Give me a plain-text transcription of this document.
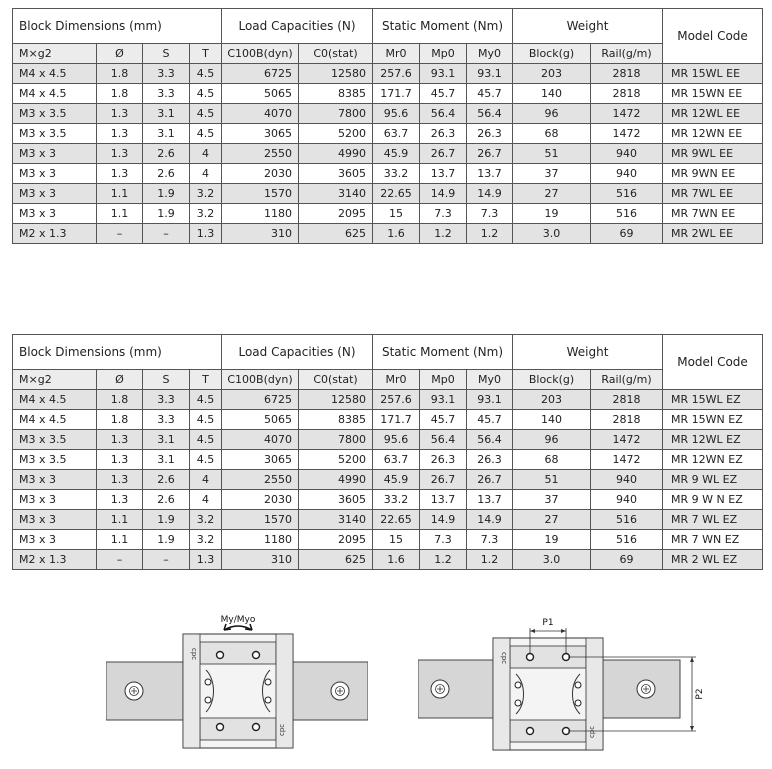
Block Dimensions (mm)				Load Capacities (N)		Static Moment (Nm)			Weight		Model Code
M×g2	Ø	S	T	C100B(dyn)	C0(stat)	Mr0	Mp0	My0	Block(g)	Rail(g/m)	
M4 x 4.5	1.8	3.3	4.5	6725	12580	257.6	93.1	93.1	203	2818	MR 15WL EE
M4 x 4.5	1.8	3.3	4.5	5065	8385	171.7	45.7	45.7	140	2818	MR 15WN EE
M3 x 3.5	1.3	3.1	4.5	4070	7800	95.6	56.4	56.4	96	1472	MR 12WL EE
M3 x 3.5	1.3	3.1	4.5	3065	5200	63.7	26.3	26.3	68	1472	MR 12WN EE
M3 x 3	1.3	2.6	4	2550	4990	45.9	26.7	26.7	51	940	MR 9WL EE
M3 x 3	1.3	2.6	4	2030	3605	33.2	13.7	13.7	37	940	MR 9WN EE
M3 x 3	1.1	1.9	3.2	1570	3140	22.65	14.9	14.9	27	516	MR 7WL EE
M3 x 3	1.1	1.9	3.2	1180	2095	15	7.3	7.3	19	516	MR 7WN EE
M2 x 1.3	–	–	1.3	310	625	1.6	1.2	1.2	3.0	69	MR 2WL EE
Block Dimensions (mm)				Load Capacities (N)		Static Moment (Nm)			Weight		Model Code
M×g2	Ø	S	T	C100B(dyn)	C0(stat)	Mr0	Mp0	My0	Block(g)	Rail(g/m)	
M4 x 4.5	1.8	3.3	4.5	6725	12580	257.6	93.1	93.1	203	2818	MR 15WL EZ
M4 x 4.5	1.8	3.3	4.5	5065	8385	171.7	45.7	45.7	140	2818	MR 15WN EZ
M3 x 3.5	1.3	3.1	4.5	4070	7800	95.6	56.4	56.4	96	1472	MR 12WL EZ
M3 x 3.5	1.3	3.1	4.5	3065	5200	63.7	26.3	26.3	68	1472	MR 12WN EZ
M3 x 3	1.3	2.6	4	2550	4990	45.9	26.7	26.7	51	940	MR 9 WL EZ
M3 x 3	1.3	2.6	4	2030	3605	33.2	13.7	13.7	37	940	MR 9 W N EZ
M3 x 3	1.1	1.9	3.2	1570	3140	22.65	14.9	14.9	27	516	MR 7 WL EZ
M3 x 3	1.1	1.9	3.2	1180	2095	15	7.3	7.3	19	516	MR 7 WN EZ
M2 x 1.3	–	–	1.3	310	625	1.6	1.2	1.2	3.0	69	MR 2 WL EZ
cpc
cpc
My/Myo
cpc
cpc
P1
P2
